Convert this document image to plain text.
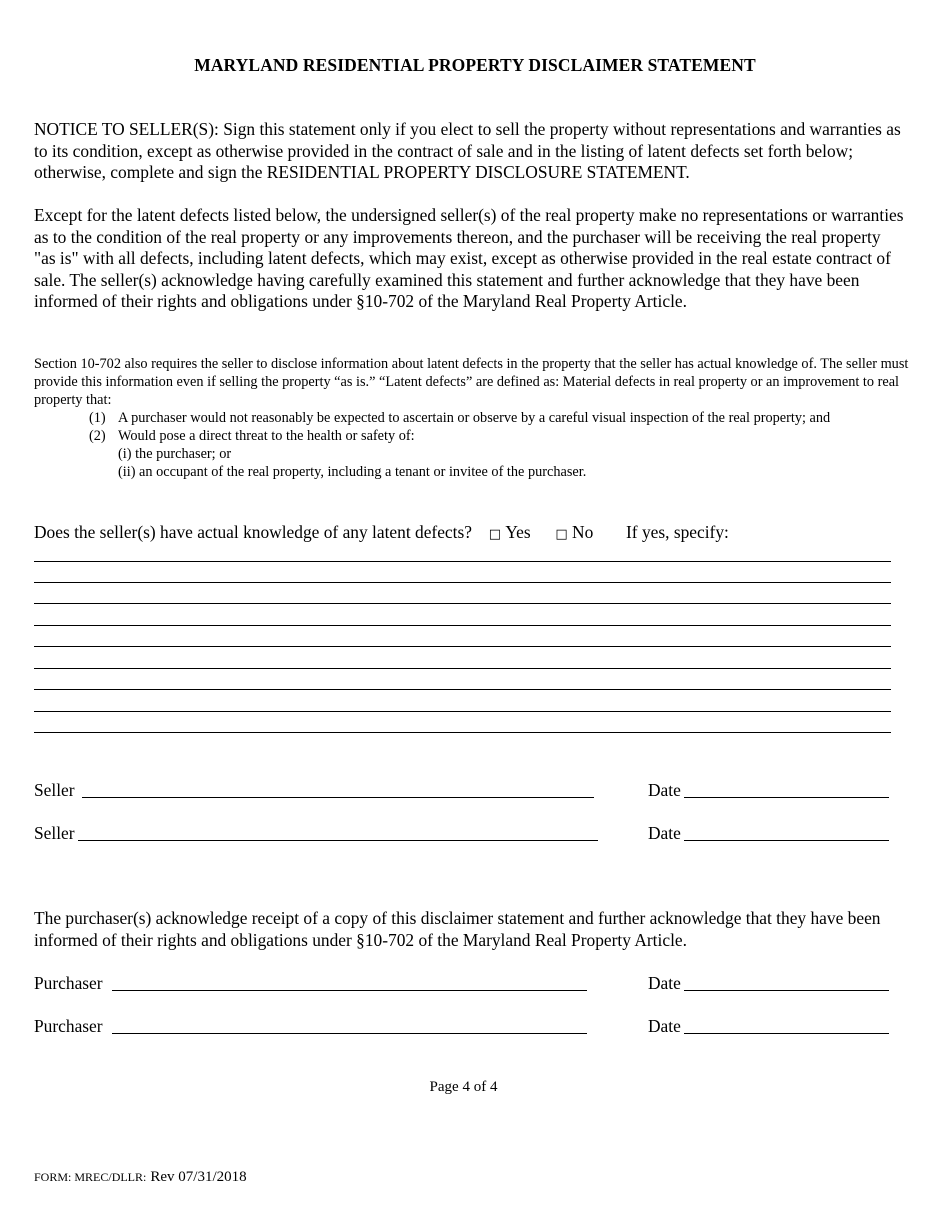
MARYLAND RESIDENTIAL PROPERTY DISCLAIMER STATEMENT
NOTICE TO SELLER(S): Sign this statement only if you elect to sell the property without representations and warranties as to its condition, except as otherwise provided in the contract of sale and in the listing of latent defects set forth below; otherwise, complete and sign the RESIDENTIAL PROPERTY DISCLOSURE STATEMENT.
Except for the latent defects listed below, the undersigned seller(s) of the real property make no representations or warranties as to the condition of the real property or any improvements thereon, and the purchaser will be receiving the real property "as is" with all defects, including latent defects, which may exist, except as otherwise provided in the real estate contract of sale. The seller(s) acknowledge having carefully examined this statement and further acknowledge that they have been informed of their rights and obligations under §10-702 of the Maryland Real Property Article.
Section 10-702 also requires the seller to disclose information about latent defects in the property that the seller has actual knowledge of. The seller must provide this information even if selling the property “as is.” “Latent defects” are defined as: Material defects in real property or an improvement to real property that:
(1) A purchaser would not reasonably be expected to ascertain or observe by a careful visual inspection of the real property; and
(2) Would pose a direct threat to the health or safety of:
(i) the purchaser; or
(ii) an occupant of the real property, including a tenant or invitee of the purchaser.
Does the seller(s) have actual knowledge of any latent defects? □ Yes □ No If yes, specify:
Seller	Date
Seller	Date
The purchaser(s) acknowledge receipt of a copy of this disclaimer statement and further acknowledge that they have been informed of their rights and obligations under §10-702 of the Maryland Real Property Article.
Purchaser	Date
Purchaser	Date
Page 4 of 4
FORM: MREC/DLLR: Rev 07/31/2018
